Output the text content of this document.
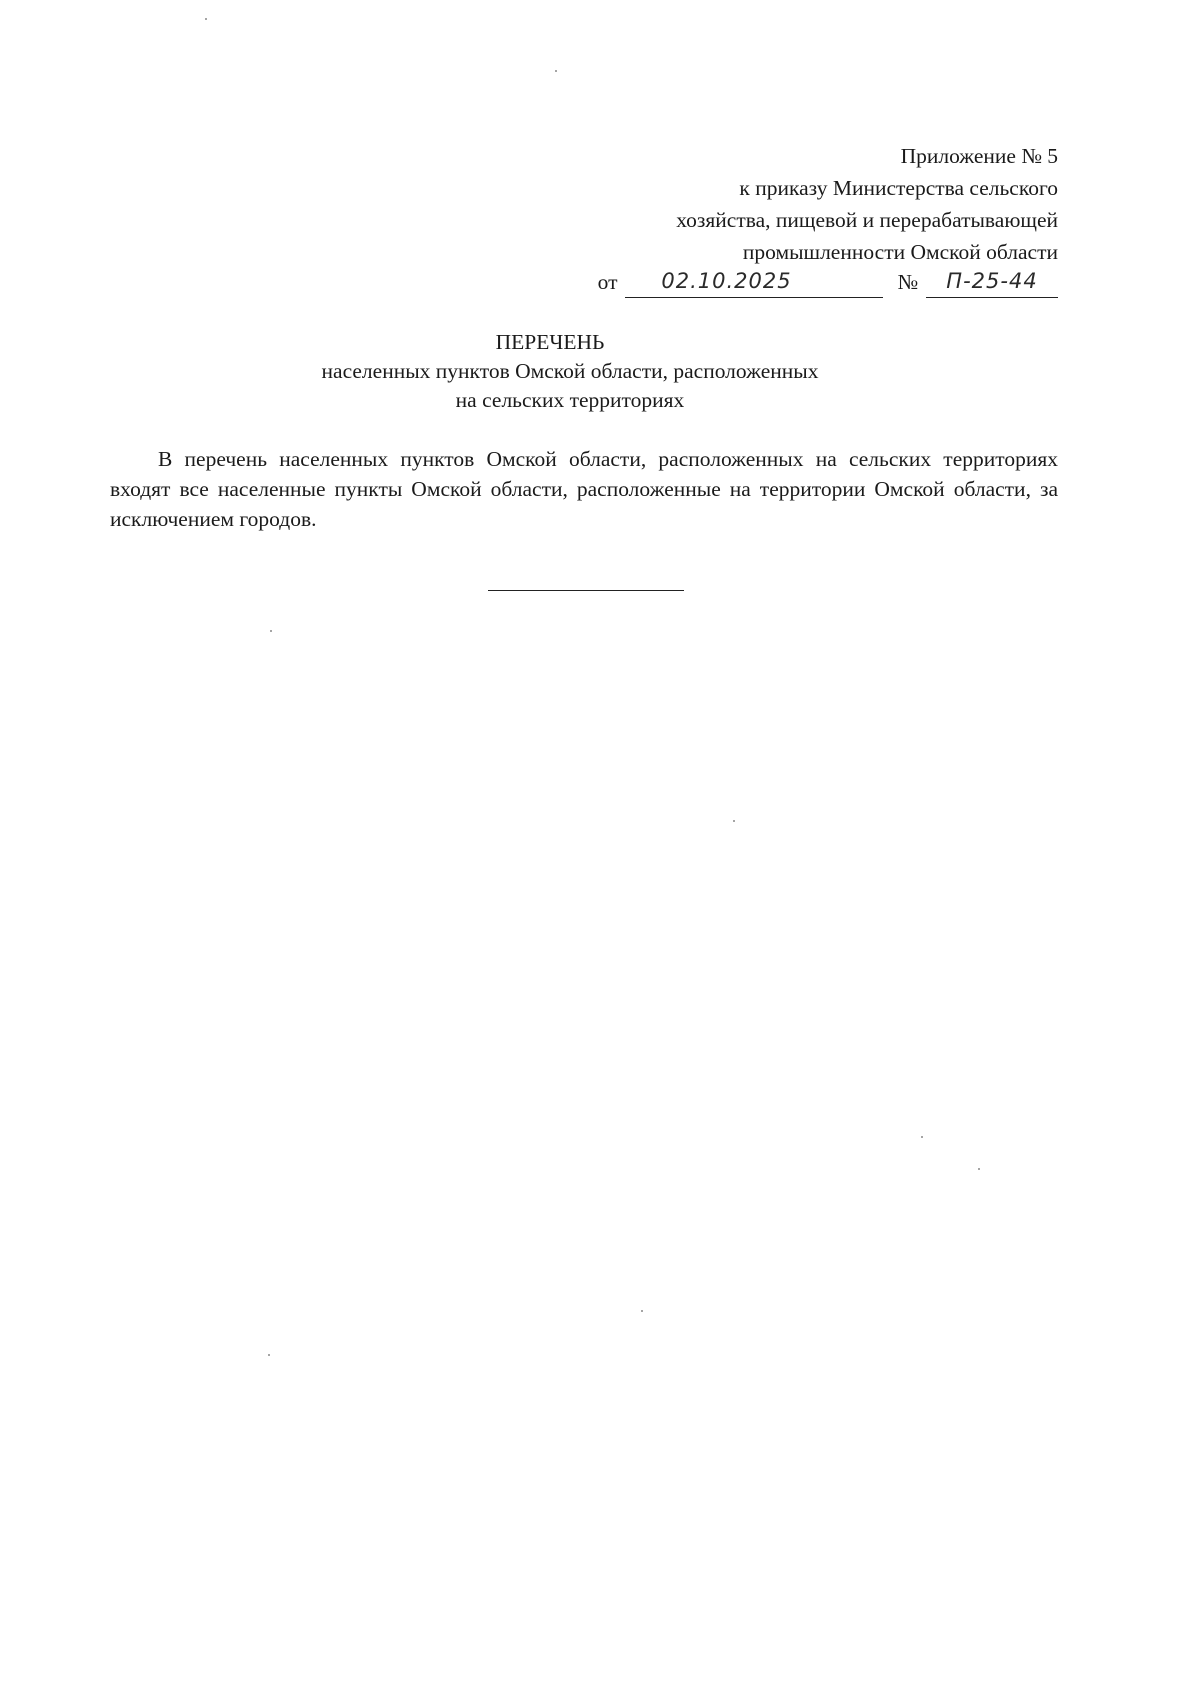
Приложение № 5
к приказу Министерства сельского
хозяйства, пищевой и перерабатывающей
промышленности Омской области
от	02.10.2025	№	П-25-44
ПЕРЕЧЕНЬ
населенных пунктов Омской области, расположенных
на сельских территориях

В перечень населенных пунктов Омской области, расположенных на сельских территориях входят все населенные пункты Омской области, расположенные на территории Омской области, за исключением городов.
